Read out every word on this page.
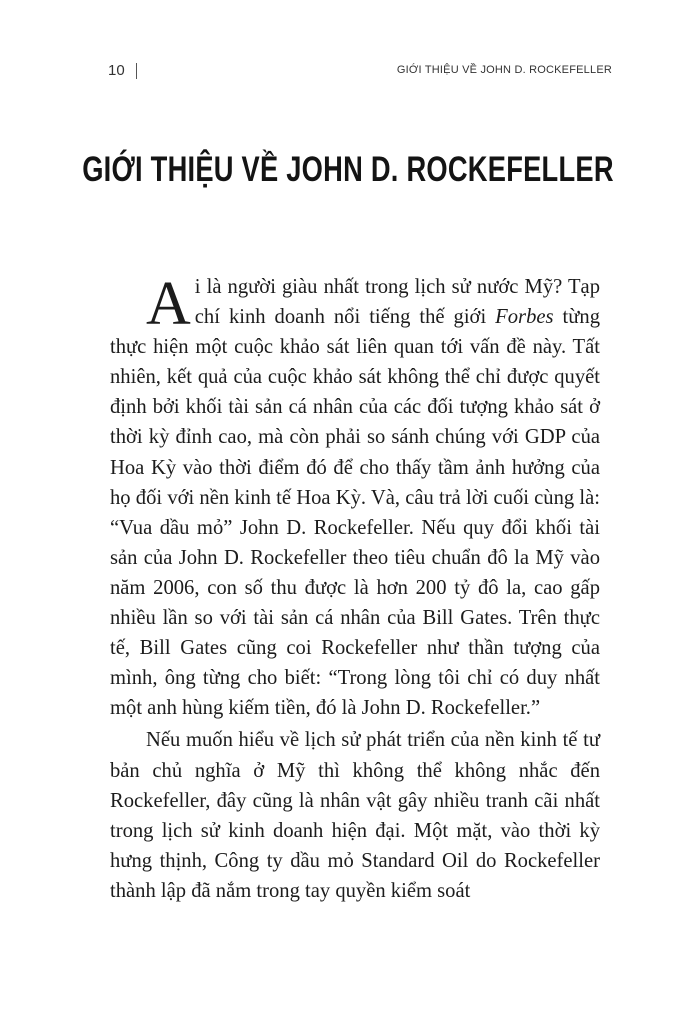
10	GIỚI THIỆU VỀ JOHN D. ROCKEFELLER
GIỚI THIỆU VỀ JOHN D. ROCKEFELLER

Ai là người giàu nhất trong lịch sử nước Mỹ? Tạp chí kinh doanh nổi tiếng thế giới Forbes từng thực hiện một cuộc khảo sát liên quan tới vấn đề này. Tất nhiên, kết quả của cuộc khảo sát không thể chỉ được quyết định bởi khối tài sản cá nhân của các đối tượng khảo sát ở thời kỳ đỉnh cao, mà còn phải so sánh chúng với GDP của Hoa Kỳ vào thời điểm đó để cho thấy tầm ảnh hưởng của họ đối với nền kinh tế Hoa Kỳ. Và, câu trả lời cuối cùng là: “Vua dầu mỏ” John D. Rockefeller. Nếu quy đổi khối tài sản của John D. Rockefeller theo tiêu chuẩn đô la Mỹ vào năm 2006, con số thu được là hơn 200 tỷ đô la, cao gấp nhiều lần so với tài sản cá nhân của Bill Gates. Trên thực tế, Bill Gates cũng coi Rockefeller như thần tượng của mình, ông từng cho biết: “Trong lòng tôi chỉ có duy nhất một anh hùng kiếm tiền, đó là John D. Rockefeller.”

Nếu muốn hiểu về lịch sử phát triển của nền kinh tế tư bản chủ nghĩa ở Mỹ thì không thể không nhắc đến Rockefeller, đây cũng là nhân vật gây nhiều tranh cãi nhất trong lịch sử kinh doanh hiện đại. Một mặt, vào thời kỳ hưng thịnh, Công ty dầu mỏ Standard Oil do Rockefeller thành lập đã nắm trong tay quyền kiểm soát
